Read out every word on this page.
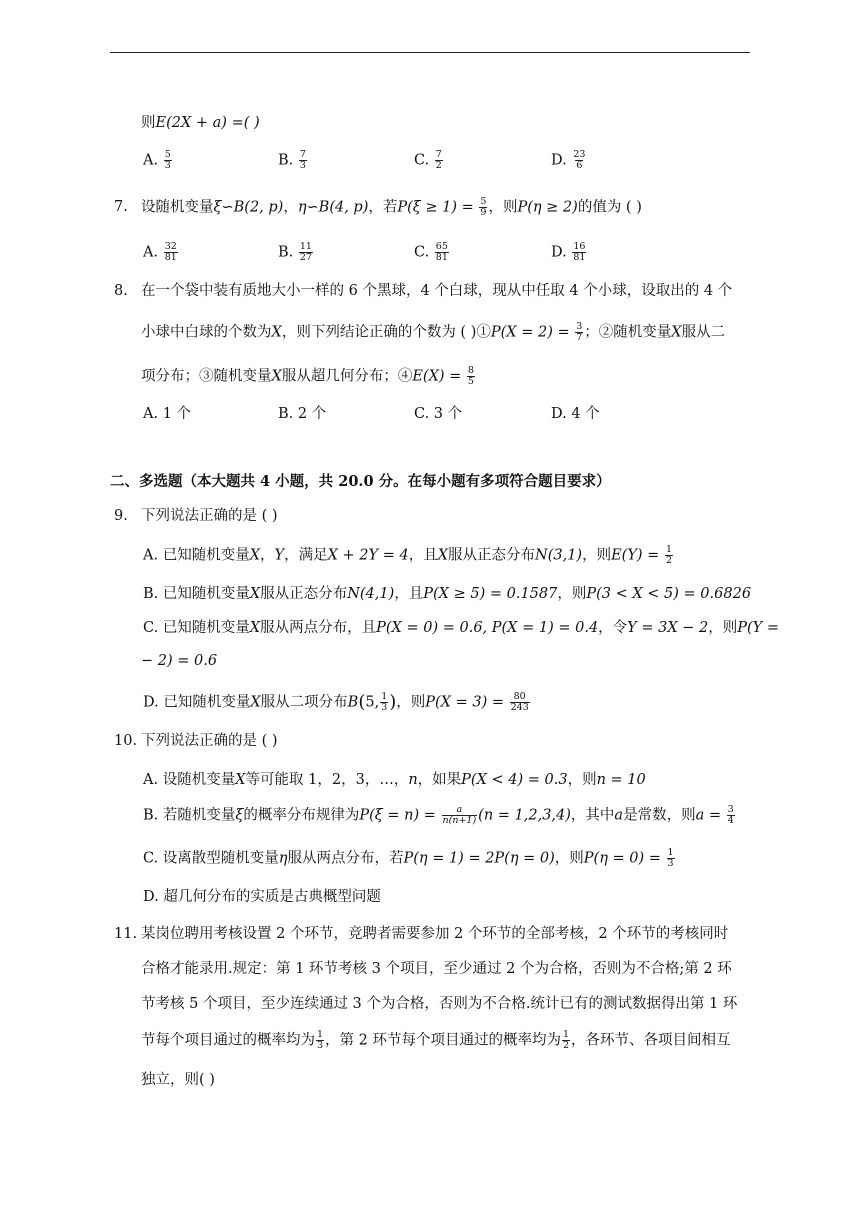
则E(2X + a) =( )
A. $\frac{5}{3}$	B. $\frac{7}{3}$	C. $\frac{7}{2}$	D. $\frac{23}{6}$
7. 设随机变量ξ∽B(2, p)，η∽B(4, p)，若$P(\xi \ge 1) = \frac{5}{9}$ ，则P(η ≥ 2)的值为 ( )
A. $\frac{32}{81}$	B. $\frac{11}{27}$	C. $\frac{65}{81}$	D. $\frac{16}{81}$
8. 在一个袋中装有质地大小一样的 6 个黑球，4 个白球，现从中任取 4 个小球，设取出的 4 个
小球中白球的个数为X，则下列结论正确的个数为 ( )①P(X = $2) = \frac{3}{7}$ ；②随机变量X服从二
项分布；③随机变量X服从超几何分布；④E(X) = $\frac{8}{5}$
A. 1 个	B. 2 个	C. 3 个	D. 4 个
二、多选题（本大题共 4 小题，共 20.0 分。在每小题有多项符合题目要求）
9. 下列说法正确的是 ( )
A. 已知随机变量X，Y，满足X + 2Y = 4，且X服从正态分布N(3,1)，则$E(Y) = \frac{1}{2}$
B. 已知随机变量X服从正态分布N(4,1)，且P(X ≥ 5) = 0.1587，则P(3 < X < 5) = 0.6826
C. 已知随机变量X服从两点分布，且P(X = 0) = 0.6, P(X = 1) = 0.4，令Y = 3X − 2，则P(Y =
− 2) = 0.6
D. 已知随机变量X服从二项分布B(5, $\frac{1}{3}$ )，则$P(X = 3) = \frac{80}{243}$
10. 下列说法正确的是 ( )
A. 设随机变量X等可能取 1，2，3，…，n，如果P(X < 4) = 0.3，则n = 10
B. 若随机变量ξ的概率分布规律为$P(\xi = n) = \frac{a}{n(n+1)} (n = 1,2,3,4)$，其中a是常数，则$a = \frac{3}{4}$
C. 设离散型随机变量η服从两点分布，若P(η = 1) = 2P(η = 0)，则$P(\eta = 0) = \frac{1}{3}$
D. 超几何分布的实质是古典概型问题
11. 某岗位聘用考核设置 2 个环节，竞聘者需要参加 2 个环节的全部考核，2 个环节的考核同时
合格才能录用.规定：第 1 环节考核 3 个项目，至少通过 2 个为合格，否则为不合格;第 2 环
节考核 5 个项目，至少连续通过 3 个为合格，否则为不合格.统计已有的测试数据得出第 1 环
节每个项目通过的概率均为 $\frac{1}{3}$ ，第 2 环节每个项目通过的概率均为 $\frac{1}{2}$ ，各环节、各项目间相互
独立，则( )
